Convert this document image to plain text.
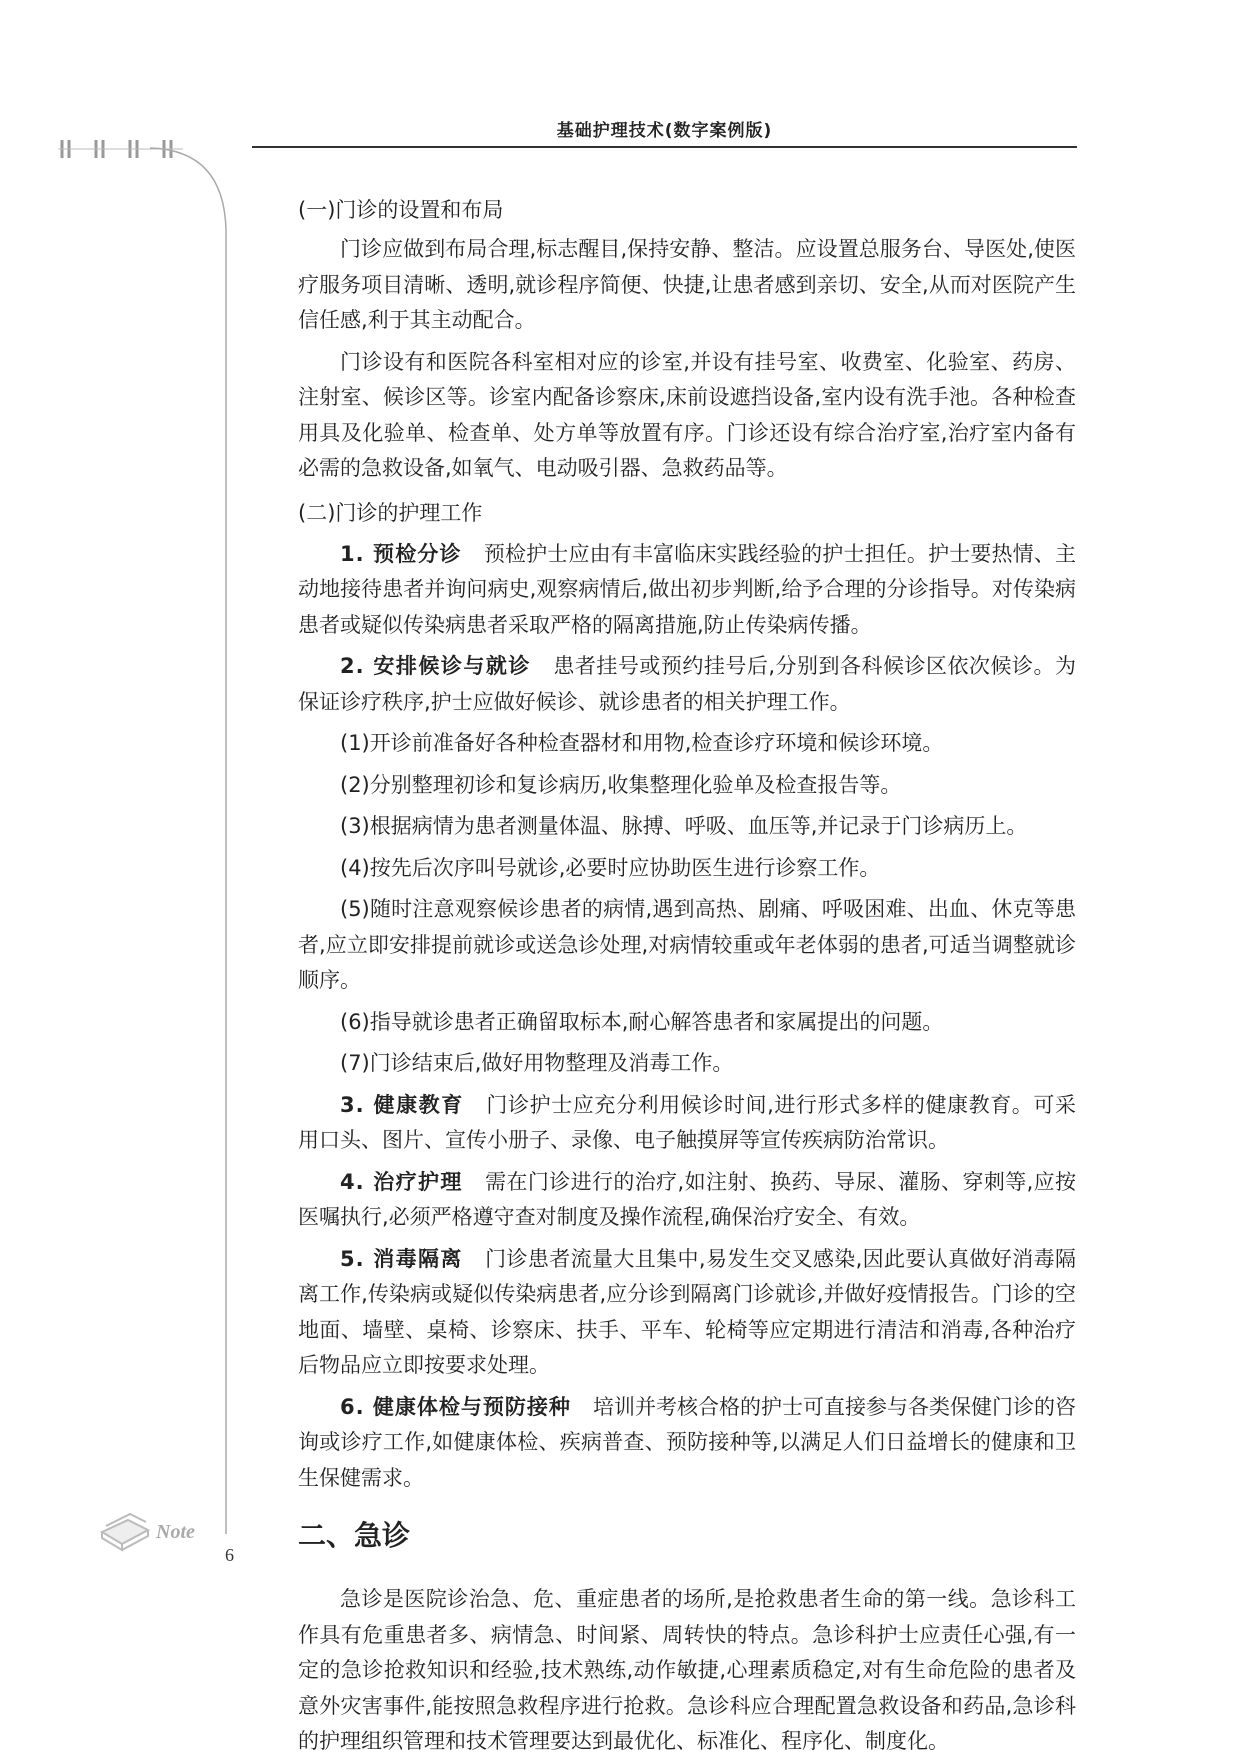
基础护理技术(数字案例版)

(一)门诊的设置和布局

门诊应做到布局合理,标志醒目,保持安静、整洁。应设置总服务台、导医处,使医疗服务项目清晰、透明,就诊程序简便、快捷,让患者感到亲切、安全,从而对医院产生信任感,利于其主动配合。

门诊设有和医院各科室相对应的诊室,并设有挂号室、收费室、化验室、药房、注射室、候诊区等。诊室内配备诊察床,床前设遮挡设备,室内设有洗手池。各种检查用具及化验单、检查单、处方单等放置有序。门诊还设有综合治疗室,治疗室内备有必需的急救设备,如氧气、电动吸引器、急救药品等。

(二)门诊的护理工作

1. 预检分诊 预检护士应由有丰富临床实践经验的护士担任。护士要热情、主动地接待患者并询问病史,观察病情后,做出初步判断,给予合理的分诊指导。对传染病患者或疑似传染病患者采取严格的隔离措施,防止传染病传播。

2. 安排候诊与就诊 患者挂号或预约挂号后,分别到各科候诊区依次候诊。为保证诊疗秩序,护士应做好候诊、就诊患者的相关护理工作。

(1)开诊前准备好各种检查器材和用物,检查诊疗环境和候诊环境。

(2)分别整理初诊和复诊病历,收集整理化验单及检查报告等。

(3)根据病情为患者测量体温、脉搏、呼吸、血压等,并记录于门诊病历上。

(4)按先后次序叫号就诊,必要时应协助医生进行诊察工作。

(5)随时注意观察候诊患者的病情,遇到高热、剧痛、呼吸困难、出血、休克等患者,应立即安排提前就诊或送急诊处理,对病情较重或年老体弱的患者,可适当调整就诊顺序。

(6)指导就诊患者正确留取标本,耐心解答患者和家属提出的问题。

(7)门诊结束后,做好用物整理及消毒工作。

3. 健康教育 门诊护士应充分利用候诊时间,进行形式多样的健康教育。可采用口头、图片、宣传小册子、录像、电子触摸屏等宣传疾病防治常识。

4. 治疗护理 需在门诊进行的治疗,如注射、换药、导尿、灌肠、穿刺等,应按医嘱执行,必须严格遵守查对制度及操作流程,确保治疗安全、有效。

5. 消毒隔离 门诊患者流量大且集中,易发生交叉感染,因此要认真做好消毒隔离工作,传染病或疑似传染病患者,应分诊到隔离门诊就诊,并做好疫情报告。门诊的空地面、墙壁、桌椅、诊察床、扶手、平车、轮椅等应定期进行清洁和消毒,各种治疗后物品应立即按要求处理。

6. 健康体检与预防接种 培训并考核合格的护士可直接参与各类保健门诊的咨询或诊疗工作,如健康体检、疾病普查、预防接种等,以满足人们日益增长的健康和卫生保健需求。

二、急诊

急诊是医院诊治急、危、重症患者的场所,是抢救患者生命的第一线。急诊科工作具有危重患者多、病情急、时间紧、周转快的特点。急诊科护士应责任心强,有一定的急诊抢救知识和经验,技术熟练,动作敏捷,心理素质稳定,对有生命危险的患者及意外灾害事件,能按照急救程序进行抢救。急诊科应合理配置急救设备和药品,急诊科的护理组织管理和技术管理要达到最优化、标准化、程序化、制度化。

Note
6
